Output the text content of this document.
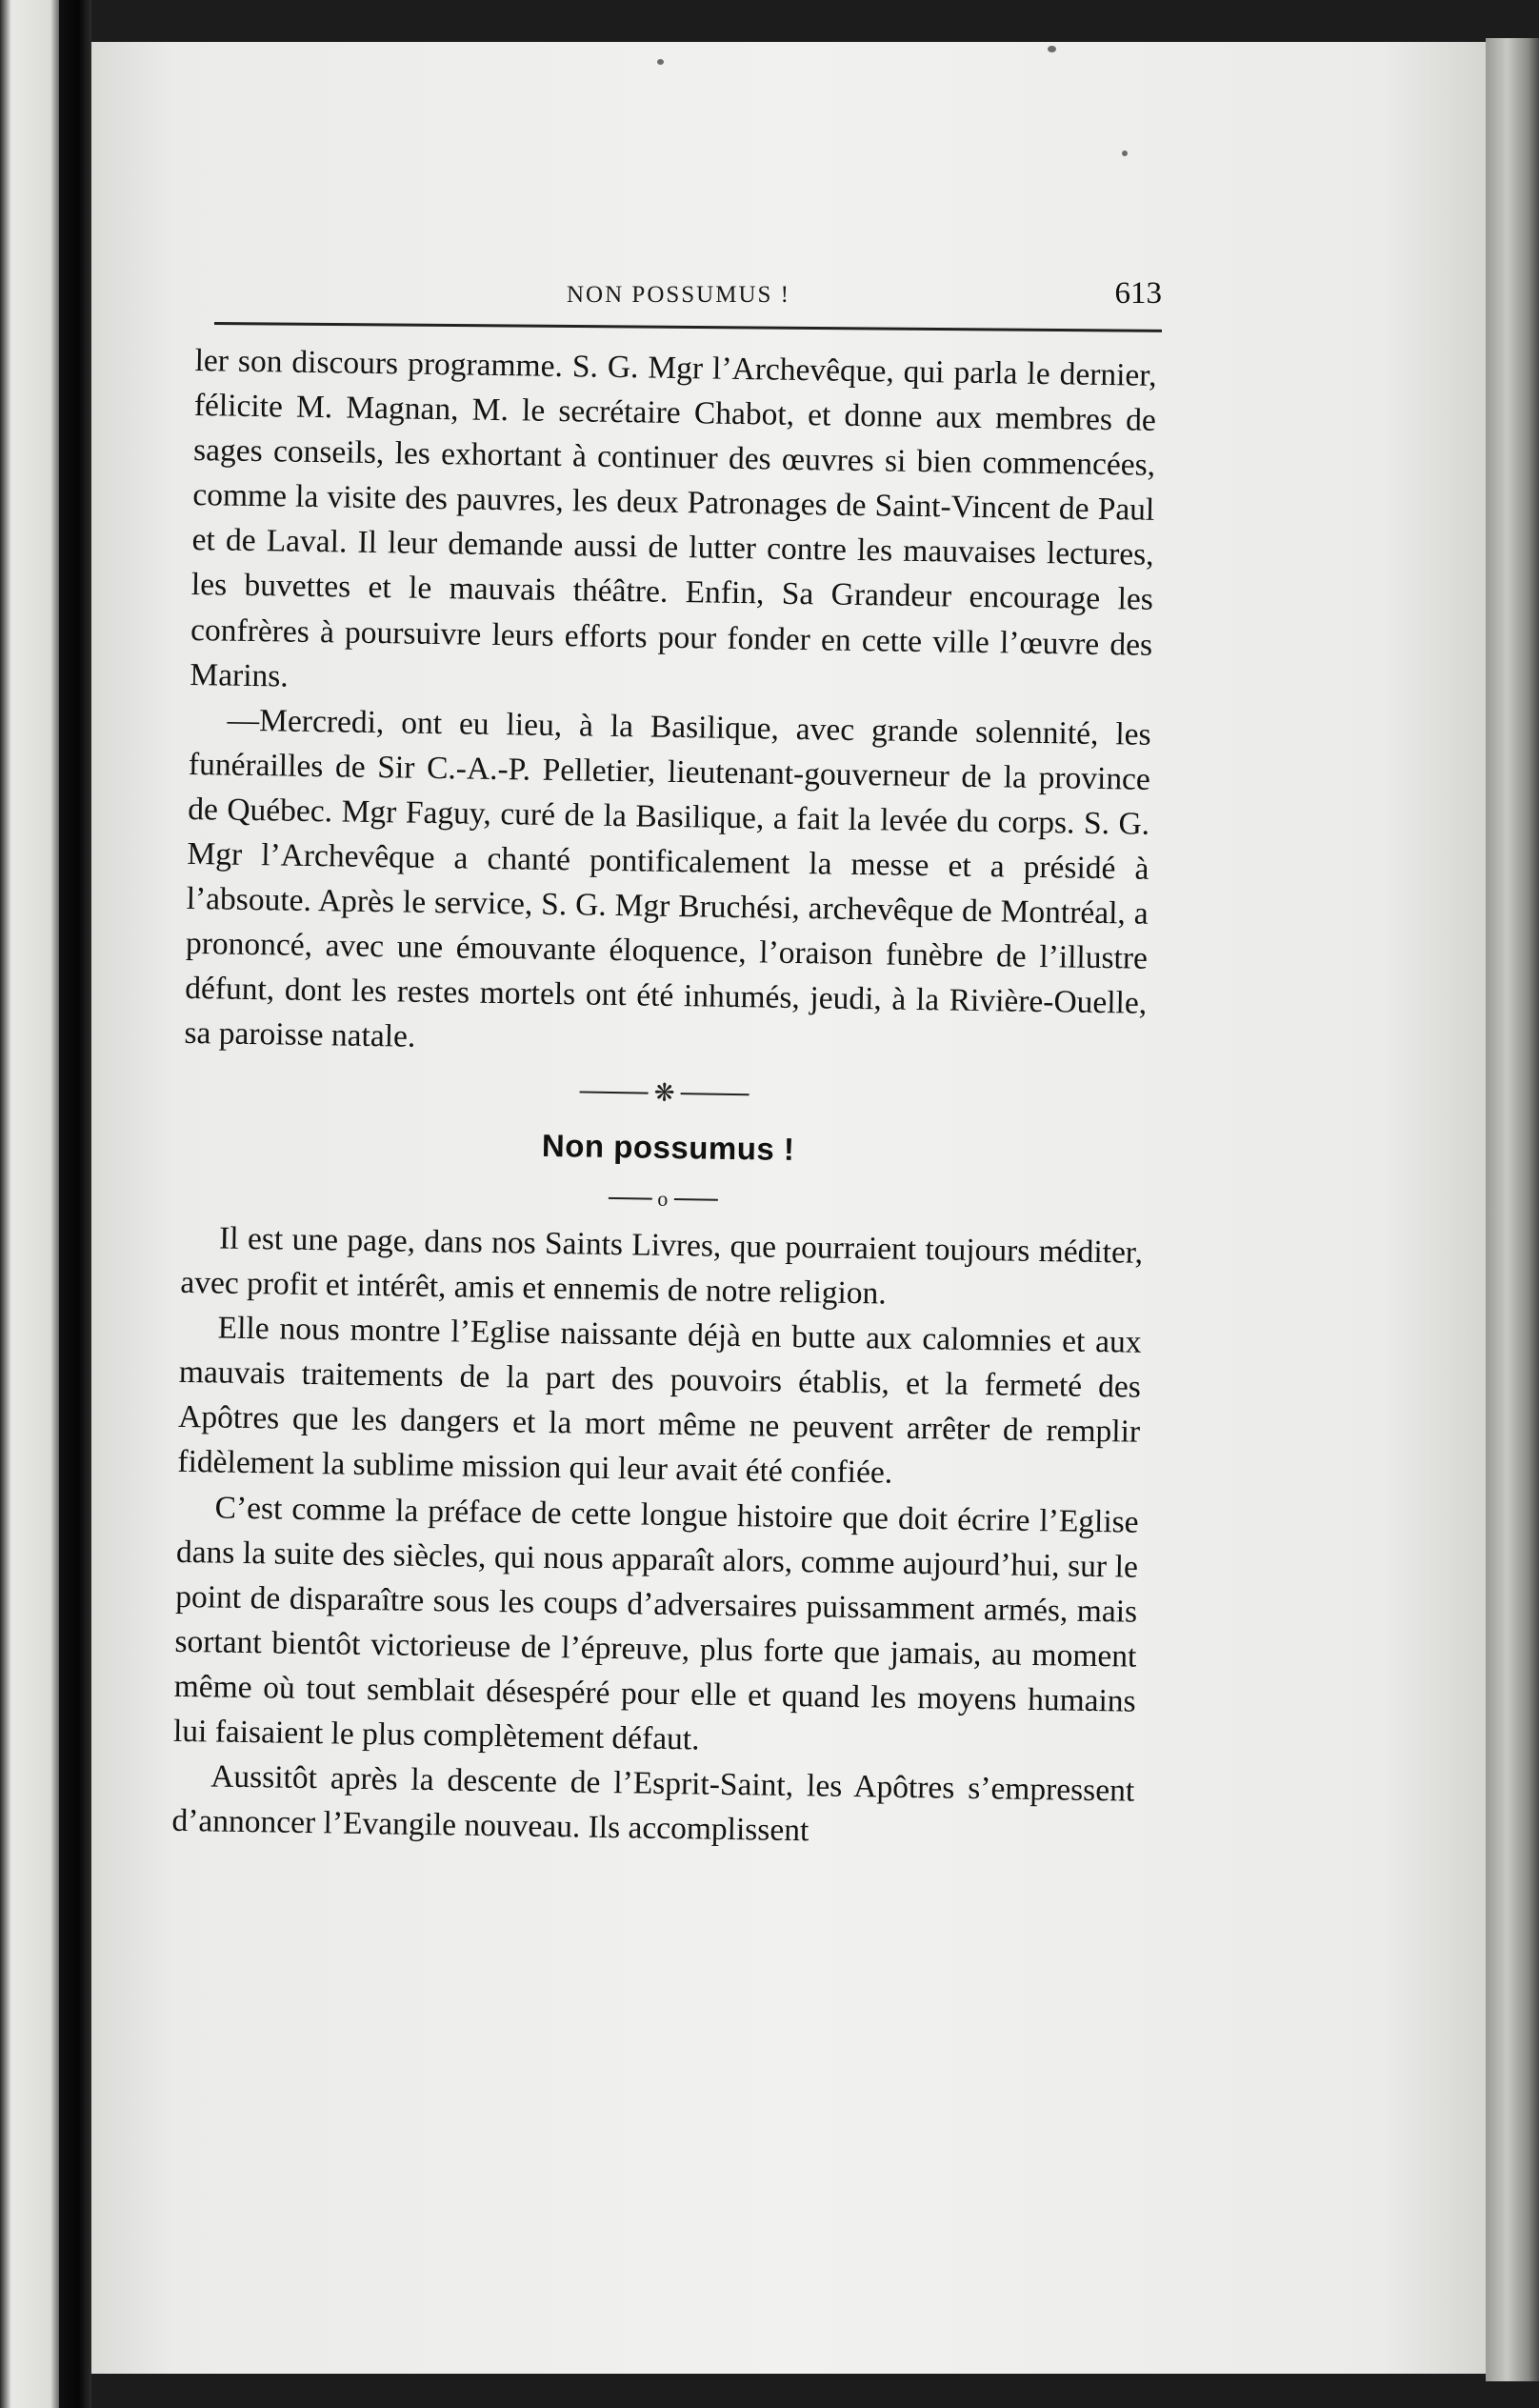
NON POSSUMUS !	613

ler son discours programme. S. G. Mgr l’Archevêque, qui parla le dernier, félicite M. Magnan, M. le secrétaire Chabot, et donne aux membres de sages conseils, les exhortant à continuer des œuvres si bien commencées, comme la visite des pauvres, les deux Patronages de Saint-Vincent de Paul et de Laval. Il leur demande aussi de lutter contre les mauvaises lectures, les buvettes et le mauvais théâtre. Enfin, Sa Grandeur encourage les confrères à poursuivre leurs efforts pour fonder en cette ville l’œuvre des Marins.

—Mercredi, ont eu lieu, à la Basilique, avec grande solennité, les funérailles de Sir C.-A.-P. Pelletier, lieutenant-gouverneur de la province de Québec. Mgr Faguy, curé de la Basilique, a fait la levée du corps. S. G. Mgr l’Archevêque a chanté pontificalement la messe et a présidé à l’absoute. Après le service, S. G. Mgr Bruchési, archevêque de Montréal, a prononcé, avec une émouvante éloquence, l’oraison funèbre de l’illustre défunt, dont les restes mortels ont été inhumés, jeudi, à la Rivière-Ouelle, sa paroisse natale.

❋
Non possumus !
o

Il est une page, dans nos Saints Livres, que pourraient toujours méditer, avec profit et intérêt, amis et ennemis de notre religion.

Elle nous montre l’Eglise naissante déjà en butte aux calomnies et aux mauvais traitements de la part des pouvoirs établis, et la fermeté des Apôtres que les dangers et la mort même ne peuvent arrêter de remplir fidèlement la sublime mission qui leur avait été confiée.

C’est comme la préface de cette longue histoire que doit écrire l’Eglise dans la suite des siècles, qui nous apparaît alors, comme aujourd’hui, sur le point de disparaître sous les coups d’adversaires puissamment armés, mais sortant bientôt victorieuse de l’épreuve, plus forte que jamais, au moment même où tout semblait désespéré pour elle et quand les moyens humains lui faisaient le plus complètement défaut.

Aussitôt après la descente de l’Esprit-Saint, les Apôtres s’empressent d’annoncer l’Evangile nouveau. Ils accomplissent
